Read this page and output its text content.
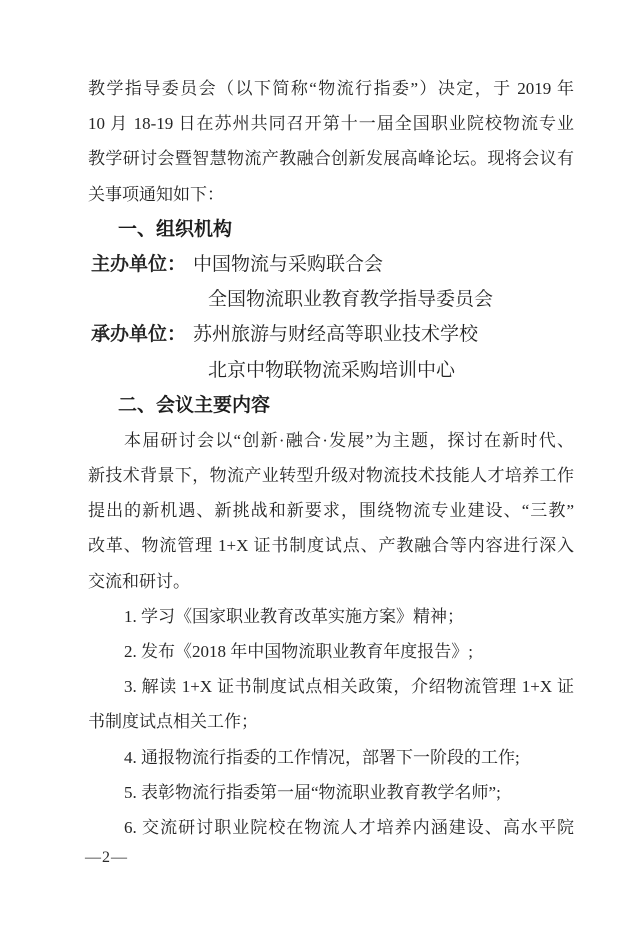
教学指导委员会（以下简称“物流行指委”）决定，于 2019 年
10 月 18-19 日在苏州共同召开第十一届全国职业院校物流专业
教学研讨会暨智慧物流产教融合创新发展高峰论坛。现将会议有
关事项通知如下：
一、组织机构
主办单位： 中国物流与采购联合会
全国物流职业教育教学指导委员会
承办单位： 苏州旅游与财经高等职业技术学校
北京中物联物流采购培训中心
二、会议主要内容
本届研讨会以“创新·融合·发展”为主题，探讨在新时代、
新技术背景下，物流产业转型升级对物流技术技能人才培养工作
提出的新机遇、新挑战和新要求，围绕物流专业建设、“三教”
改革、物流管理 1+X 证书制度试点、产教融合等内容进行深入
交流和研讨。
1. 学习《国家职业教育改革实施方案》精神；
2. 发布《2018 年中国物流职业教育年度报告》;
3. 解读 1+X 证书制度试点相关政策，介绍物流管理 1+X 证
书制度试点相关工作；
4. 通报物流行指委的工作情况，部署下一阶段的工作;
5. 表彰物流行指委第一届“物流职业教育教学名师”;
6. 交流研讨职业院校在物流人才培养内涵建设、高水平院
—2—
